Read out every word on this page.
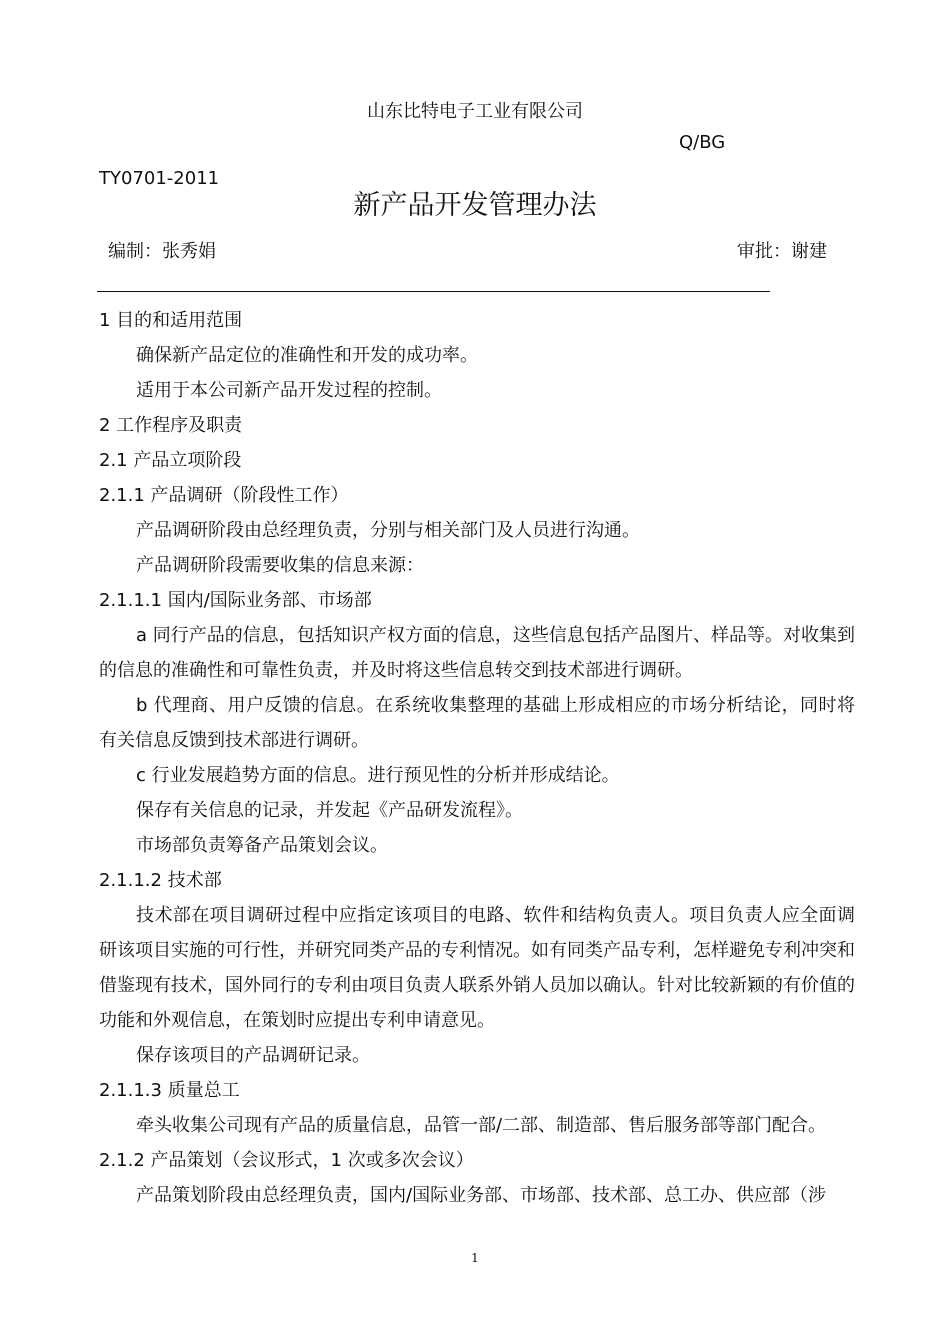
山东比特电子工业有限公司
Q/BG
TY0701-2011
新产品开发管理办法
编制：张秀娟	审批：谢建

1 目的和适用范围

确保新产品定位的准确性和开发的成功率。

适用于本公司新产品开发过程的控制。

2 工作程序及职责

2.1 产品立项阶段

2.1.1 产品调研（阶段性工作）

产品调研阶段由总经理负责，分别与相关部门及人员进行沟通。

产品调研阶段需要收集的信息来源：

2.1.1.1 国内/国际业务部、市场部

a 同行产品的信息，包括知识产权方面的信息，这些信息包括产品图片、样品等。对收集到的信息的准确性和可靠性负责，并及时将这些信息转交到技术部进行调研。

b 代理商、用户反馈的信息。在系统收集整理的基础上形成相应的市场分析结论，同时将有关信息反馈到技术部进行调研。

c 行业发展趋势方面的信息。进行预见性的分析并形成结论。

保存有关信息的记录，并发起《产品研发流程》。

市场部负责筹备产品策划会议。

2.1.1.2 技术部

技术部在项目调研过程中应指定该项目的电路、软件和结构负责人。项目负责人应全面调研该项目实施的可行性，并研究同类产品的专利情况。如有同类产品专利，怎样避免专利冲突和借鉴现有技术，国外同行的专利由项目负责人联系外销人员加以确认。针对比较新颖的有价值的功能和外观信息，在策划时应提出专利申请意见。

保存该项目的产品调研记录。

2.1.1.3 质量总工

牵头收集公司现有产品的质量信息，品管一部/二部、制造部、售后服务部等部门配合。

2.1.2 产品策划（会议形式，1 次或多次会议）

产品策划阶段由总经理负责，国内/国际业务部、市场部、技术部、总工办、供应部（涉

1
